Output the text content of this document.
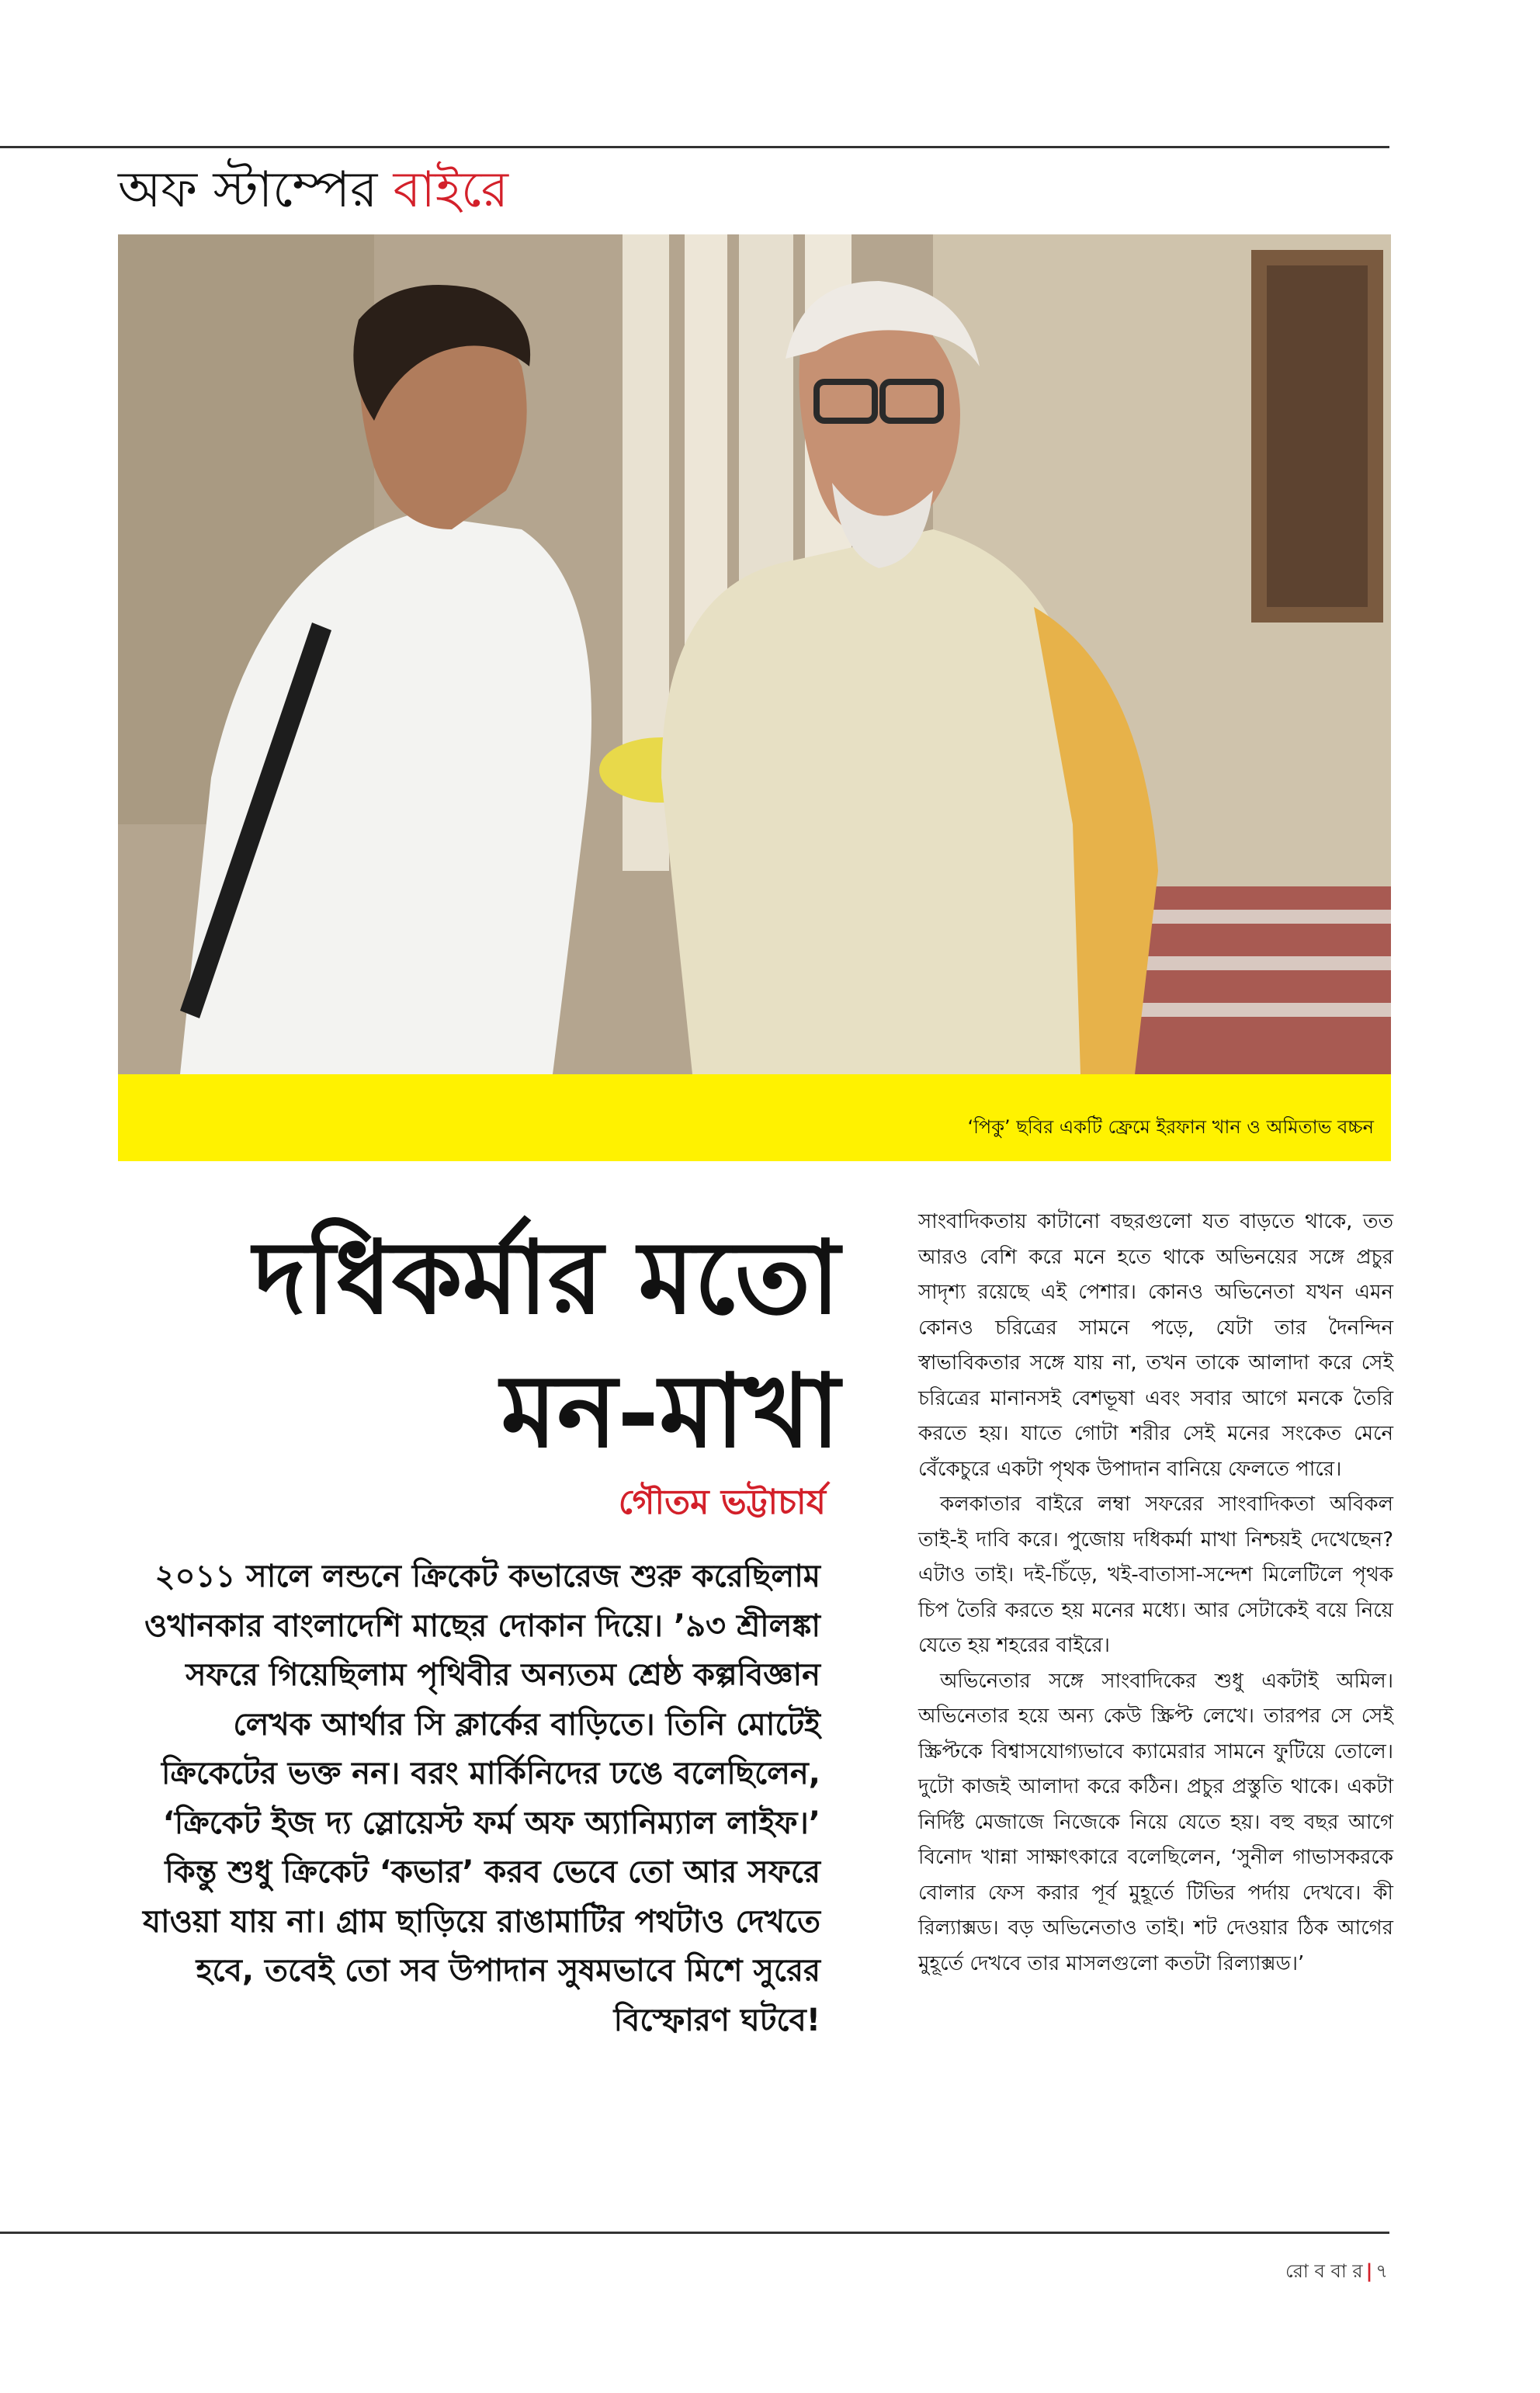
অফ স্টাম্পের বাইরে
‘পিকু’ ছবির একটি ফ্রেমে ইরফান খান ও অমিতাভ বচ্চন
দধিকর্মার মতো
মন-মাখা
গৌতম ভট্টাচার্য

২০১১ সালে লন্ডনে ক্রিকেট কভারেজ শুরু করেছিলাম ওখানকার বাংলাদেশি মাছের দোকান দিয়ে। ’৯৩ শ্রীলঙ্কা সফরে গিয়েছিলাম পৃথিবীর অন্যতম শ্রেষ্ঠ কল্পবিজ্ঞান লেখক আর্থার সি ক্লার্কের বাড়িতে। তিনি মোটেই ক্রিকেটের ভক্ত নন। বরং মার্কিনিদের ঢঙে বলেছিলেন, ‘ক্রিকেট ইজ দ্য স্লোয়েস্ট ফর্ম অফ অ্যানিম্যাল লাইফ।’ কিন্তু শুধু ক্রিকেট ‘কভার’ করব ভেবে তো আর সফরে যাওয়া যায় না। গ্রাম ছাড়িয়ে রাঙামাটির পথটাও দেখতে হবে, তবেই তো সব উপাদান সুষমভাবে মিশে সুরের বিস্ফোরণ ঘটবে!

সাংবাদিকতায় কাটানো বছরগুলো যত বাড়তে থাকে, তত আরও বেশি করে মনে হতে থাকে অভিনয়ের সঙ্গে প্রচুর সাদৃশ্য রয়েছে এই পেশার। কোনও অভিনেতা যখন এমন কোনও চরিত্রের সামনে পড়ে, যেটা তার দৈনন্দিন স্বাভাবিকতার সঙ্গে যায় না, তখন তাকে আলাদা করে সেই চরিত্রের মানানসই বেশভূষা এবং সবার আগে মনকে তৈরি করতে হয়। যাতে গোটা শরীর সেই মনের সংকেত মেনে বেঁকেচুরে একটা পৃথক উপাদান বানিয়ে ফেলতে পারে।

কলকাতার বাইরে লম্বা সফরের সাংবাদিকতা অবিকল তাই-ই দাবি করে। পুজোয় দধিকর্মা মাখা নিশ্চয়ই দেখেছেন? এটাও তাই। দই-চিঁড়ে, খই-বাতাসা-সন্দেশ মিলেটিলে পৃথক চিপ তৈরি করতে হয় মনের মধ্যে। আর সেটাকেই বয়ে নিয়ে যেতে হয় শহরের বাইরে।

অভিনেতার সঙ্গে সাংবাদিকের শুধু একটাই অমিল। অভিনেতার হয়ে অন্য কেউ স্ক্রিপ্ট লেখে। তারপর সে সেই স্ক্রিপ্টকে বিশ্বাসযোগ্যভাবে ক্যামেরার সামনে ফুটিয়ে তোলে। দুটো কাজই আলাদা করে কঠিন। প্রচুর প্রস্তুতি থাকে। একটা নির্দিষ্ট মেজাজে নিজেকে নিয়ে যেতে হয়। বহু বছর আগে বিনোদ খান্না সাক্ষাৎকারে বলেছিলেন, ‘সুনীল গাভাসকরকে বোলার ফেস করার পূর্ব মুহূর্তে টিভির পর্দায় দেখবে। কী রিল্যাক্সড। বড় অভিনেতাও তাই। শট দেওয়ার ঠিক আগের মুহূর্তে দেখবে তার মাসলগুলো কতটা রিল্যাক্সড।’

রো ব বা র | ৭
